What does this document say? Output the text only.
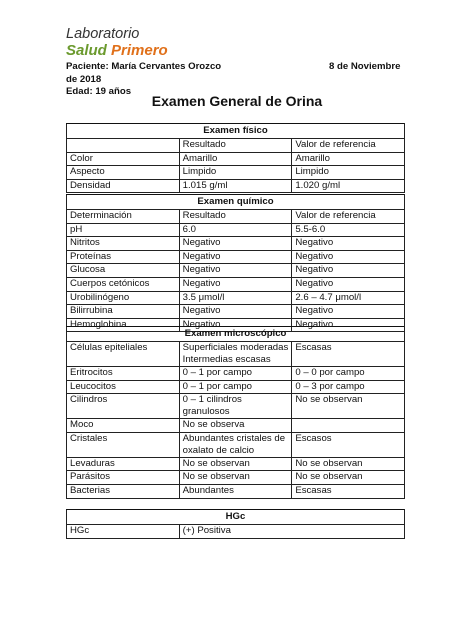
Laboratorio
Salud Primero
Paciente: María Cervantes Orozco	8 de Noviembre
de 2018
Edad: 19 años
Examen General de Orina
Examen físico		
	Resultado	Valor de referencia
Color	Amarillo	Amarillo
Aspecto	Limpido	Limpido
Densidad	1.015 g/ml	1.020 g/ml
Examen químico		
Determinación	Resultado	Valor de referencia
pH	6.0	5.5-6.0
Nitritos	Negativo	Negativo
Proteínas	Negativo	Negativo
Glucosa	Negativo	Negativo
Cuerpos cetónicos	Negativo	Negativo
Urobilinógeno	3.5 μmol/l	2.6 – 4.7 μmol/l
Bilirrubina	Negativo	Negativo
Hemoglobina	Negativo	Negativo
Examen microscópico		
Células epiteliales	Superficiales moderadas Intermedias escasas	Escasas
Eritrocitos	0 – 1 por campo	0 – 0 por campo
Leucocitos	0 – 1 por campo	0 – 3 por campo
Cilindros	0 – 1 cilindros granulosos	No se observan
Moco	No se observa	
Cristales	Abundantes cristales de oxalato de calcio	Escasos
Levaduras	No se observan	No se observan
Parásitos	No se observan	No se observan
Bacterias	Abundantes	Escasas
HGc
HGc	(+) Positiva
